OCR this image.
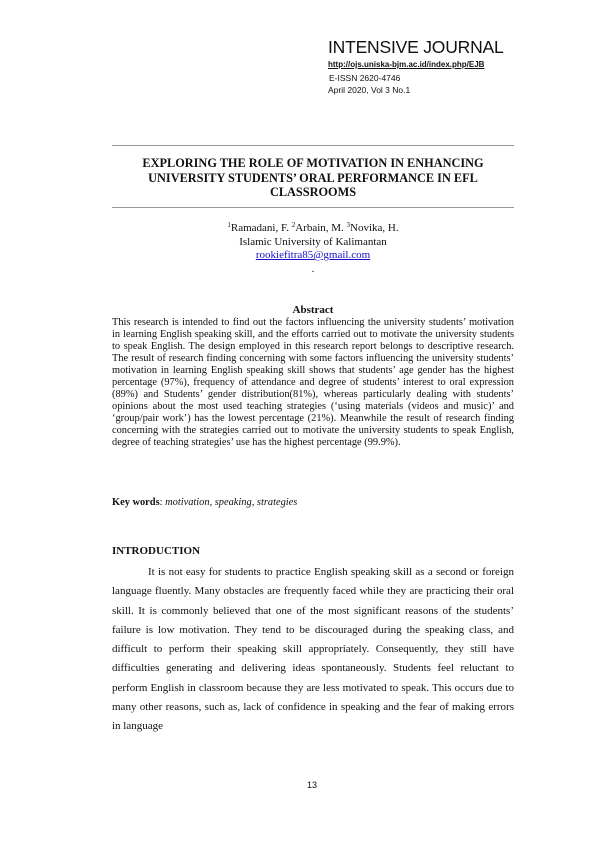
INTENSIVE JOURNAL
http://ojs.uniska-bjm.ac.id/index.php/EJB
E-ISSN 2620-4746
April 2020, Vol 3 No.1
EXPLORING THE ROLE OF MOTIVATION IN ENHANCING UNIVERSITY STUDENTS’ ORAL PERFORMANCE IN EFL CLASSROOMS
$^1$Ramadani, F. $^2$Arbain, M. $^3$Novika, H.
Islamic University of Kalimantan
rookiefitra85@gmail.com
.
Abstract

This research is intended to find out the factors influencing the university students’ motivation in learning English speaking skill, and the efforts carried out to motivate the university students to speak English. The design employed in this research report belongs to descriptive research. The result of research finding concerning with some factors influencing the university students’ motivation in learning English speaking skill shows that students’ age gender has the highest percentage (97%), frequency of attendance and degree of students’ interest to oral expression (89%) and Students’ gender distribution(81%), whereas particularly dealing with students’ opinions about the most used teaching strategies (‘using materials (videos and music)’ and ‘group/pair work’) has the lowest percentage (21%). Meanwhile the result of research finding concerning with the strategies carried out to motivate the university students to speak English, degree of teaching strategies’ use has the highest percentage (99.9%).

Key words: motivation, speaking, strategies
INTRODUCTION

It is not easy for students to practice English speaking skill as a second or foreign language fluently. Many obstacles are frequently faced while they are practicing their oral skill. It is commonly believed that one of the most significant reasons of the students’ failure is low motivation. They tend to be discouraged during the speaking class, and difficult to perform their speaking skill appropriately. Consequently, they still have difficulties generating and delivering ideas spontaneously. Students feel reluctant to perform English in classroom because they are less motivated to speak. This occurs due to many other reasons, such as, lack of confidence in speaking and the fear of making errors in language

13
